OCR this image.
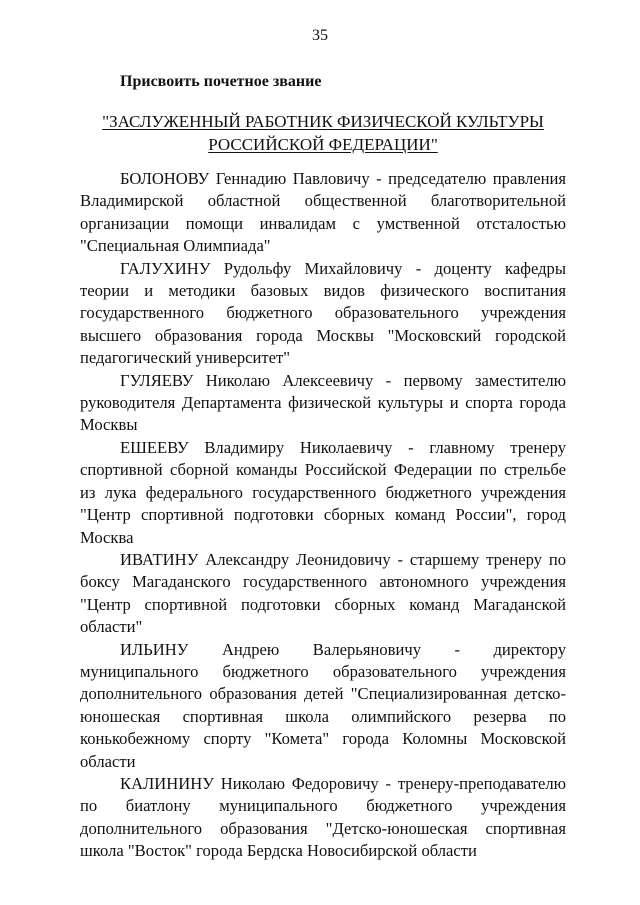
35
Присвоить почетное звание
"ЗАСЛУЖЕННЫЙ РАБОТНИК ФИЗИЧЕСКОЙ КУЛЬТУРЫ
РОССИЙСКОЙ ФЕДЕРАЦИИ"
БОЛОНОВУ Геннадию Павловичу - председателю правления Владимирской областной общественной благотворительной организации помощи инвалидам с умственной отсталостью "Специальная Олимпиада"
ГАЛУХИНУ Рудольфу Михайловичу - доценту кафедры теории и методики базовых видов физического воспитания государственного бюджетного образовательного учреждения высшего образования города Москвы "Московский городской педагогический университет"
ГУЛЯЕВУ Николаю Алексеевичу - первому заместителю руководителя Департамента физической культуры и спорта города Москвы
ЕШЕЕВУ Владимиру Николаевичу - главному тренеру спортивной сборной команды Российской Федерации по стрельбе из лука федерального государственного бюджетного учреждения "Центр спортивной подготовки сборных команд России", город Москва
ИВАТИНУ Александру Леонидовичу - старшему тренеру по боксу Магаданского государственного автономного учреждения "Центр спортивной подготовки сборных команд Магаданской области"
ИЛЬИНУ Андрею Валерьяновичу - директору муниципального бюджетного образовательного учреждения дополнительного образования детей "Специализированная детско-юношеская спортивная школа олимпийского резерва по конькобежному спорту "Комета" города Коломны Московской области
КАЛИНИНУ Николаю Федоровичу - тренеру-преподавателю по биатлону муниципального бюджетного учреждения дополнительного образования "Детско-юношеская спортивная школа "Восток" города Бердска Новосибирской области
